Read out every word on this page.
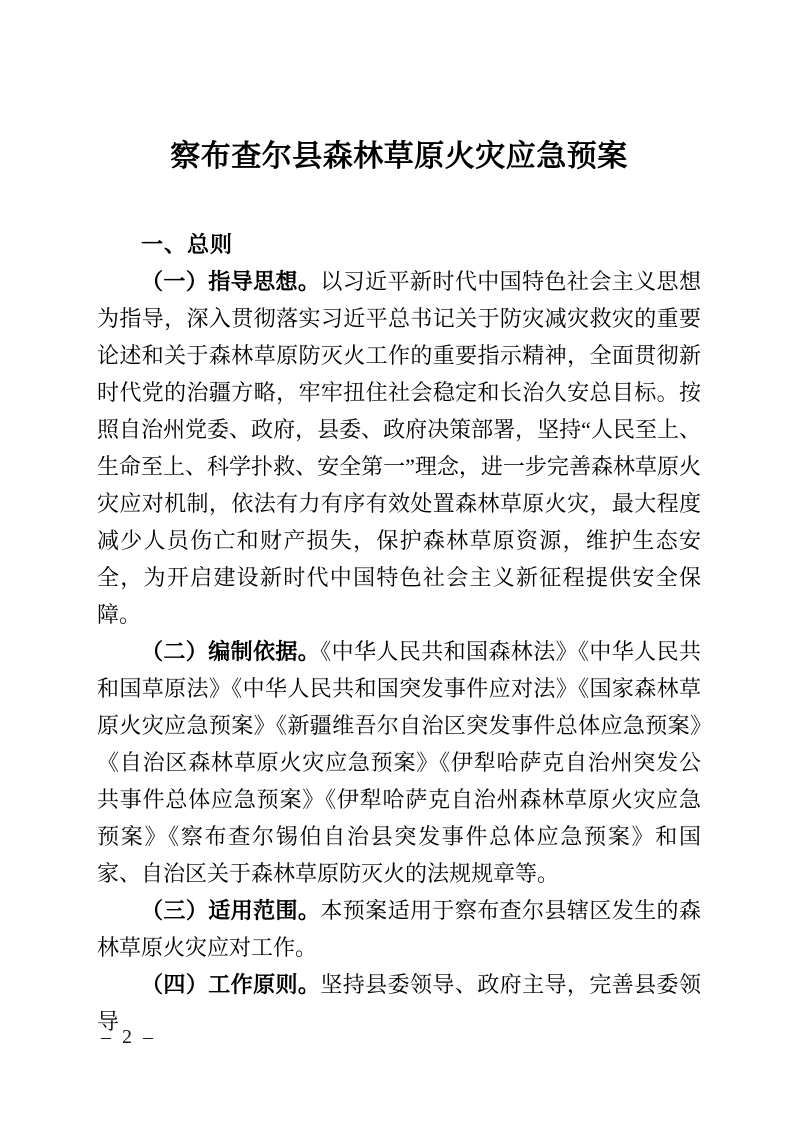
察布查尔县森林草原火灾应急预案
一、总则

（一）指导思想。以习近平新时代中国特色社会主义思想为指导，深入贯彻落实习近平总书记关于防灾减灾救灾的重要论述和关于森林草原防灭火工作的重要指示精神，全面贯彻新时代党的治疆方略，牢牢扭住社会稳定和长治久安总目标。按照自治州党委、政府，县委、政府决策部署，坚持“人民至上、生命至上、科学扑救、安全第一”理念，进一步完善森林草原火灾应对机制，依法有力有序有效处置森林草原火灾，最大程度减少人员伤亡和财产损失，保护森林草原资源，维护生态安全，为开启建设新时代中国特色社会主义新征程提供安全保障。

（二）编制依据。《中华人民共和国森林法》《中华人民共和国草原法》《中华人民共和国突发事件应对法》《国家森林草原火灾应急预案》《新疆维吾尔自治区突发事件总体应急预案》《自治区森林草原火灾应急预案》《伊犁哈萨克自治州突发公共事件总体应急预案》《伊犁哈萨克自治州森林草原火灾应急预案》《察布查尔锡伯自治县突发事件总体应急预案》和国家、自治区关于森林草原防灭火的法规规章等。

（三）适用范围。本预案适用于察布查尔县辖区发生的森林草原火灾应对工作。

（四）工作原则。坚持县委领导、政府主导，完善县委领导

– 2 –
